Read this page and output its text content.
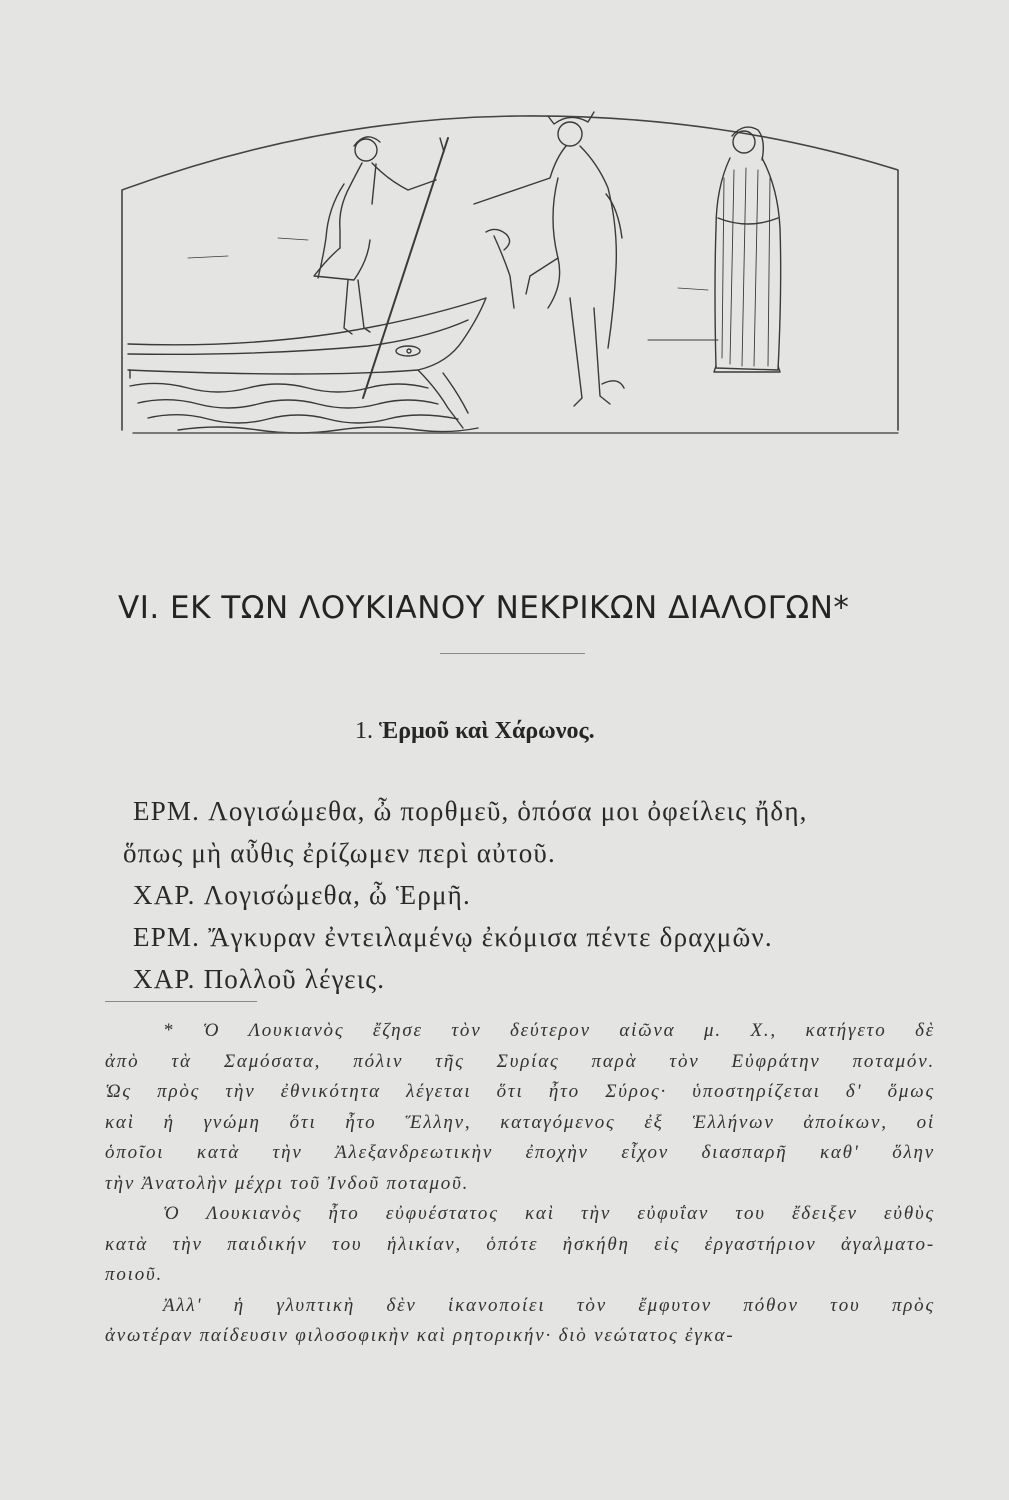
VI. ΕΚ ΤΩΝ ΛΟΥΚΙΑΝΟΥ ΝΕΚΡΙΚΩΝ ΔΙΑΛΟΓΩΝ*
1. Ἑρμοῦ καὶ Χάρωνος.
ΕΡΜ. Λογισώμεθα, ὦ πορθμεῦ, ὁπόσα μοι ὀφείλεις ἤδη,
ὅπως μὴ αὖθις ἐρίζωμεν περὶ αὐτοῦ.
ΧΑΡ. Λογισώμεθα, ὦ Ἑρμῆ.
ΕΡΜ. Ἄγκυραν ἐντειλαμένῳ ἐκόμισα πέντε δραχμῶν.
ΧΑΡ. Πολλοῦ λέγεις.
* Ὁ Λουκιανὸς ἔζησε τὸν δεύτερον αἰῶνα μ. Χ., κατήγετο δὲ
ἀπὸ τὰ Σαμόσατα, πόλιν τῆς Συρίας παρὰ τὸν Εὐφράτην ποταμόν.
Ὡς πρὸς τὴν ἐθνικότητα λέγεται ὅτι ἦτο Σύρος· ὑποστηρίζεται δ' ὅμως
καὶ ἡ γνώμη ὅτι ἦτο Ἕλλην, καταγόμενος ἐξ Ἑλλήνων ἀποίκων, οἱ
ὁποῖοι κατὰ τὴν Ἀλεξανδρεωτικὴν ἐποχὴν εἶχον διασπαρῆ καθ' ὅλην
τὴν Ἀνατολὴν μέχρι τοῦ Ἰνδοῦ ποταμοῦ.
Ὁ Λουκιανὸς ἦτο εὐφυέστατος καὶ τὴν εὐφυΐαν του ἔδειξεν εὐθὺς
κατὰ τὴν παιδικήν του ἡλικίαν, ὁπότε ἠσκήθη εἰς ἐργαστήριον ἀγαλματο-
ποιοῦ.
Ἀλλ' ἡ γλυπτικὴ δὲν ἱκανοποίει τὸν ἔμφυτον πόθον του πρὸς
ἀνωτέραν παίδευσιν φιλοσοφικὴν καὶ ρητορικήν· διὸ νεώτατος ἐγκα-
